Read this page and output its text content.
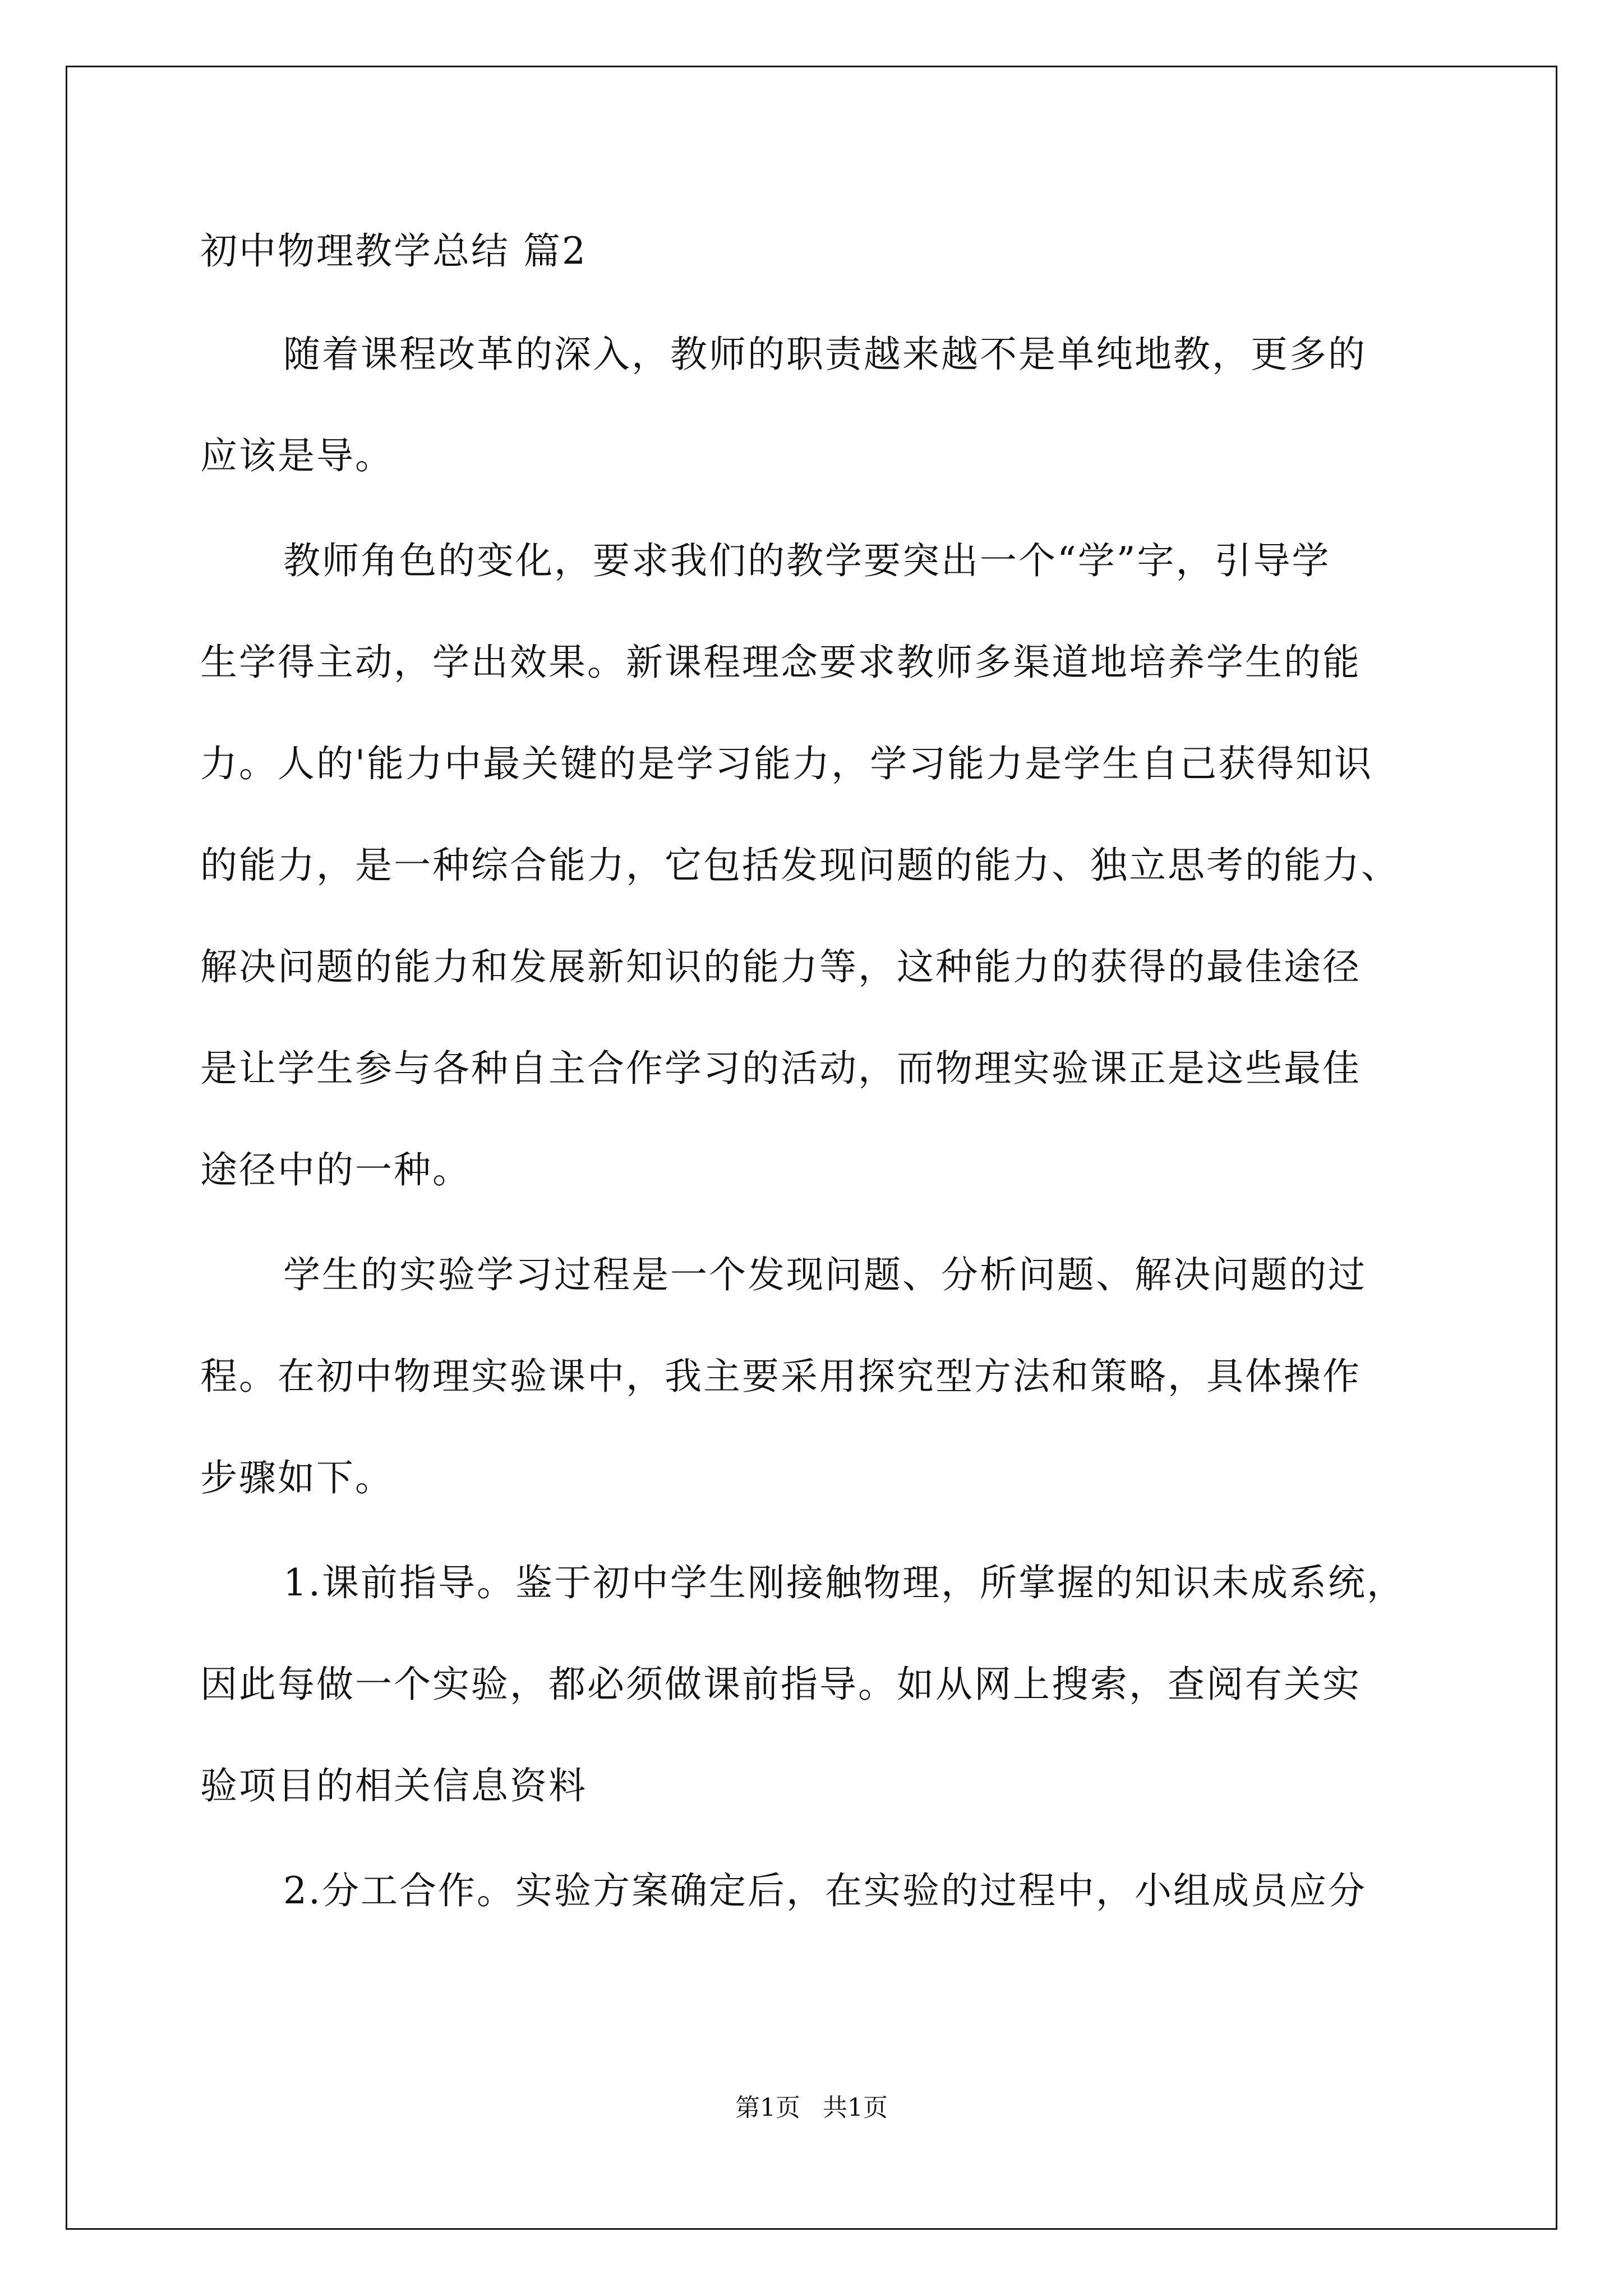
初中物理教学总结 篇2

随着课程改革的深入，教师的职责越来越不是单纯地教，更多的

应该是导。

教师角色的变化，要求我们的教学要突出一个“学”字，引导学

生学得主动，学出效果。新课程理念要求教师多渠道地培养学生的能

力。人的'能力中最关键的是学习能力，学习能力是学生自己获得知识

的能力，是一种综合能力，它包括发现问题的能力、独立思考的能力、

解决问题的能力和发展新知识的能力等，这种能力的获得的最佳途径

是让学生参与各种自主合作学习的活动，而物理实验课正是这些最佳

途径中的一种。

学生的实验学习过程是一个发现问题、分析问题、解决问题的过

程。在初中物理实验课中，我主要采用探究型方法和策略，具体操作

步骤如下。

1.课前指导。鉴于初中学生刚接触物理，所掌握的知识未成系统，

因此每做一个实验，都必须做课前指导。如从网上搜索，查阅有关实

验项目的相关信息资料

2.分工合作。实验方案确定后，在实验的过程中，小组成员应分

第1页 共1页
